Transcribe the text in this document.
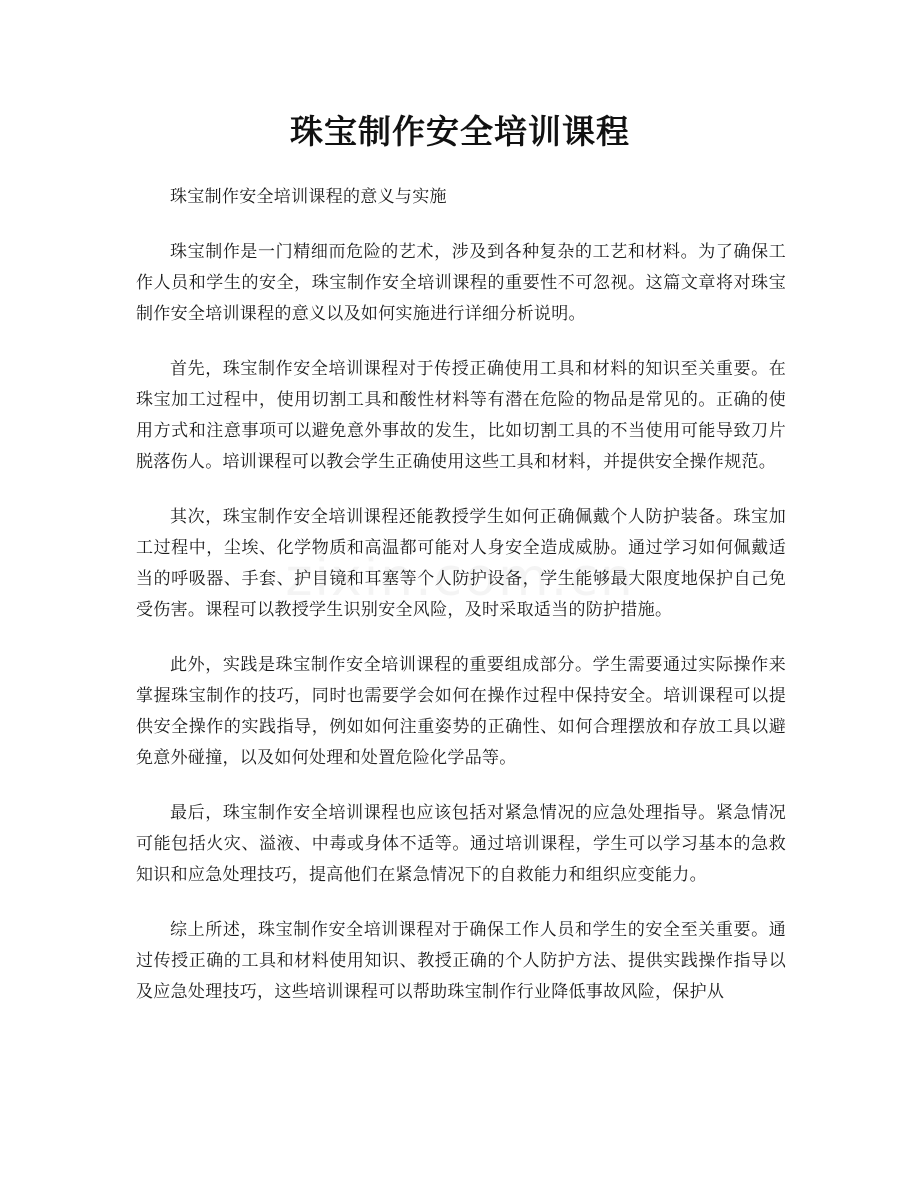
珠宝制作安全培训课程

珠宝制作安全培训课程的意义与实施

珠宝制作是一门精细而危险的艺术，涉及到各种复杂的工艺和材料。为了确保工作人员和学生的安全，珠宝制作安全培训课程的重要性不可忽视。这篇文章将对珠宝制作安全培训课程的意义以及如何实施进行详细分析说明。

首先，珠宝制作安全培训课程对于传授正确使用工具和材料的知识至关重要。在珠宝加工过程中，使用切割工具和酸性材料等有潜在危险的物品是常见的。正确的使用方式和注意事项可以避免意外事故的发生，比如切割工具的不当使用可能导致刀片脱落伤人。培训课程可以教会学生正确使用这些工具和材料，并提供安全操作规范。

其次，珠宝制作安全培训课程还能教授学生如何正确佩戴个人防护装备。珠宝加工过程中，尘埃、化学物质和高温都可能对人身安全造成威胁。通过学习如何佩戴适当的呼吸器、手套、护目镜和耳塞等个人防护设备，学生能够最大限度地保护自己免受伤害。课程可以教授学生识别安全风险，及时采取适当的防护措施。

此外，实践是珠宝制作安全培训课程的重要组成部分。学生需要通过实际操作来掌握珠宝制作的技巧，同时也需要学会如何在操作过程中保持安全。培训课程可以提供安全操作的实践指导，例如如何注重姿势的正确性、如何合理摆放和存放工具以避免意外碰撞，以及如何处理和处置危险化学品等。

最后，珠宝制作安全培训课程也应该包括对紧急情况的应急处理指导。紧急情况可能包括火灾、溢液、中毒或身体不适等。通过培训课程，学生可以学习基本的急救知识和应急处理技巧，提高他们在紧急情况下的自救能力和组织应变能力。

综上所述，珠宝制作安全培训课程对于确保工作人员和学生的安全至关重要。通过传授正确的工具和材料使用知识、教授正确的个人防护方法、提供实践操作指导以及应急处理技巧，这些培训课程可以帮助珠宝制作行业降低事故风险，保护从
